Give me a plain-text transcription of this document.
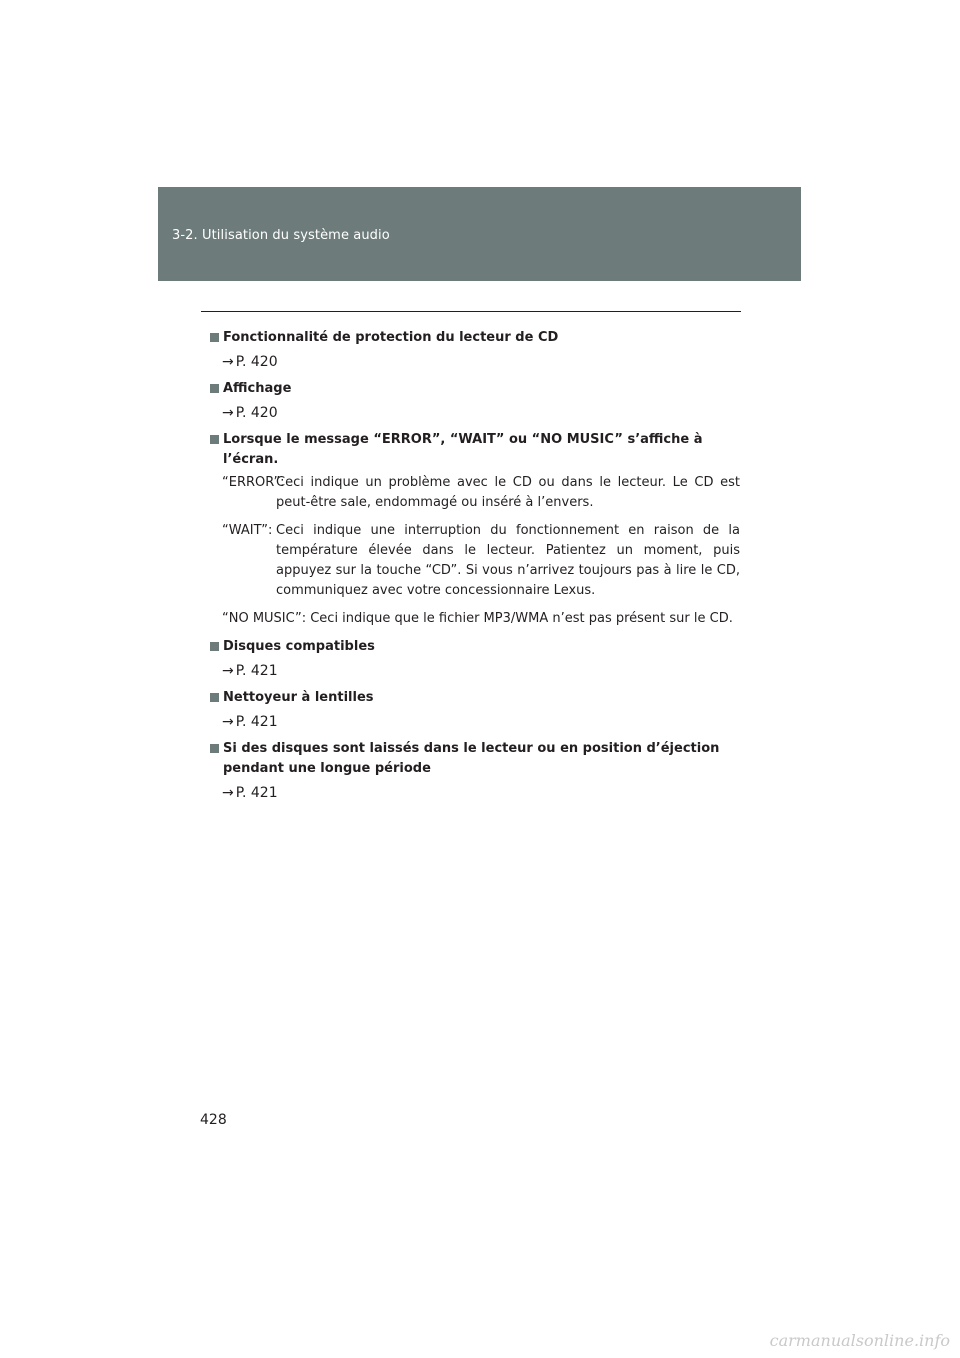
3-2. Utilisation du système audio

Fonctionnalité de protection du lecteur de CD

→ P. 420

Affichage

→ P. 420

Lorsque le message “ERROR”, “WAIT” ou “NO MUSIC” s’affiche à l’écran.

“ERROR”:
Ceci indique un problème avec le CD ou dans le lecteur. Le CD est peut-être sale, endommagé ou inséré à l’envers.
“WAIT”: Ceci indique une interruption du fonctionnement en raison de la température élevée dans le lecteur. Patientez un moment, puis appuyez sur la touche “CD”. Si vous n’arrivez toujours pas à lire le CD, communiquez avec votre concessionnaire Lexus.
“NO MUSIC”: Ceci indique que le fichier MP3/WMA n’est pas présent sur le CD.

Disques compatibles

→ P. 421

Nettoyeur à lentilles

→ P. 421

Si des disques sont laissés dans le lecteur ou en position d’éjection pendant une longue période

→ P. 421
428
carmanualsonline.info
